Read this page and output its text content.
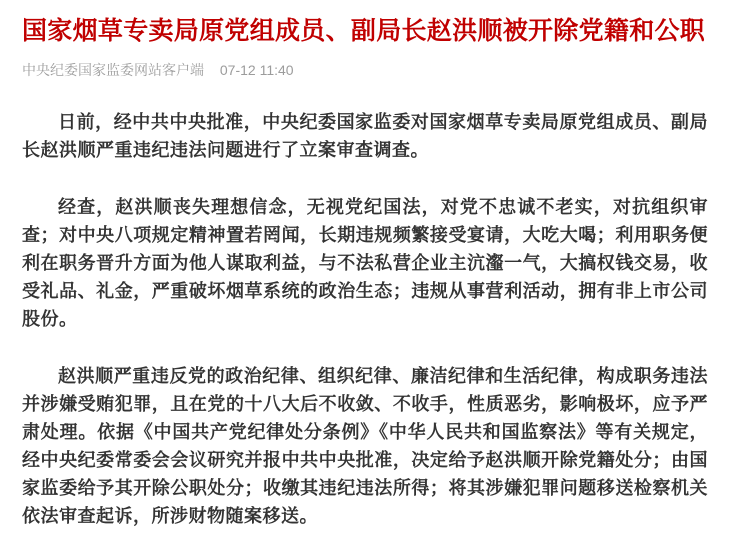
国家烟草专卖局原党组成员、副局长赵洪顺被开除党籍和公职
中央纪委国家监委网站客户端 07-12 11:40

日前，经中共中央批准，中央纪委国家监委对国家烟草专卖局原党组成员、副局长赵洪顺严重违纪违法问题进行了立案审查调查。

经查，赵洪顺丧失理想信念，无视党纪国法，对党不忠诚不老实，对抗组织审查；对中央八项规定精神置若罔闻，长期违规频繁接受宴请，大吃大喝；利用职务便利在职务晋升方面为他人谋取利益，与不法私营企业主沆瀣一气，大搞权钱交易，收受礼品、礼金，严重破坏烟草系统的政治生态；违规从事营利活动，拥有非上市公司股份。

赵洪顺严重违反党的政治纪律、组织纪律、廉洁纪律和生活纪律，构成职务违法并涉嫌受贿犯罪，且在党的十八大后不收敛、不收手，性质恶劣，影响极坏，应予严肃处理。依据《中国共产党纪律处分条例》《中华人民共和国监察法》等有关规定，经中央纪委常委会会议研究并报中共中央批准，决定给予赵洪顺开除党籍处分；由国家监委给予其开除公职处分；收缴其违纪违法所得；将其涉嫌犯罪问题移送检察机关依法审查起诉，所涉财物随案移送。
